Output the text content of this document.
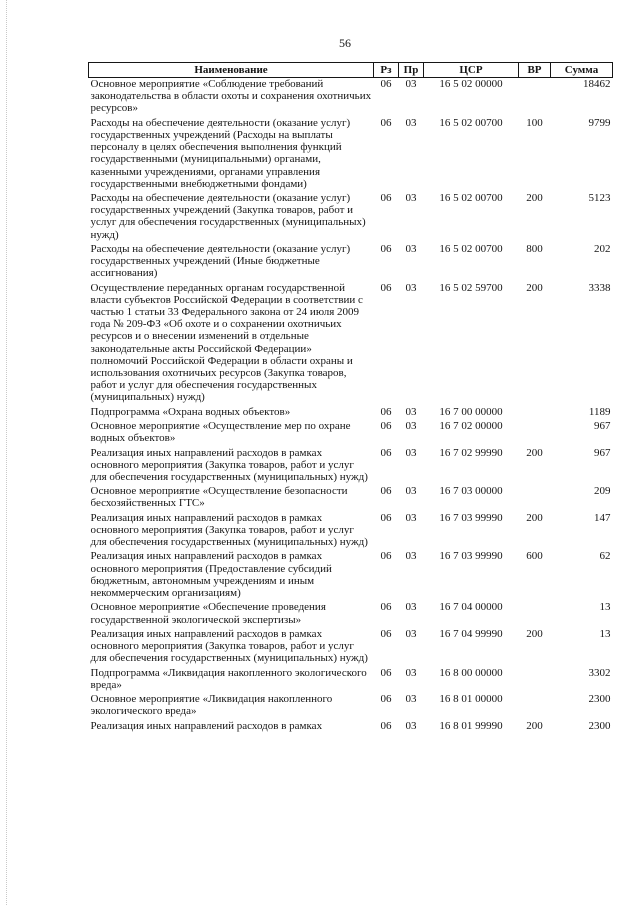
56
Наименование	Рз	Пр	ЦСР	ВР	Сумма
Основное мероприятие «Соблюдение требований законодательства в области охоты и сохранения охотничьих ресурсов»	06	03	16 5 02 00000		18462
Расходы на обеспечение деятельности (оказание услуг) государственных учреждений (Расходы на выплаты персоналу в целях обеспечения выполнения функций государственными (муниципальными) органами, казенными учреждениями, органами управления государственными внебюджетными фондами)	06	03	16 5 02 00700	100	9799
Расходы на обеспечение деятельности (оказание услуг) государственных учреждений (Закупка товаров, работ и услуг для обеспечения государственных (муниципальных) нужд)	06	03	16 5 02 00700	200	5123
Расходы на обеспечение деятельности (оказание услуг) государственных учреждений (Иные бюджетные ассигнования)	06	03	16 5 02 00700	800	202
Осуществление переданных органам государственной власти субъектов Российской Федерации в соответствии с частью 1 статьи 33 Федерального закона от 24 июля 2009 года № 209-ФЗ «Об охоте и о сохранении охотничьих ресурсов и о внесении изменений в отдельные законодательные акты Российской Федерации» полномочий Российской Федерации в области охраны и использования охотничьих ресурсов (Закупка товаров, работ и услуг для обеспечения государственных (муниципальных) нужд)	06	03	16 5 02 59700	200	3338
Подпрограмма «Охрана водных объектов»	06	03	16 7 00 00000		1189
Основное мероприятие «Осуществление мер по охране водных объектов»	06	03	16 7 02 00000		967
Реализация иных направлений расходов в рамках основного мероприятия (Закупка товаров, работ и услуг для обеспечения государственных (муниципальных) нужд)	06	03	16 7 02 99990	200	967
Основное мероприятие «Осуществление безопасности бесхозяйственных ГТС»	06	03	16 7 03 00000		209
Реализация иных направлений расходов в рамках основного мероприятия (Закупка товаров, работ и услуг для обеспечения государственных (муниципальных) нужд)	06	03	16 7 03 99990	200	147
Реализация иных направлений расходов в рамках основного мероприятия (Предоставление субсидий бюджетным, автономным учреждениям и иным некоммерческим организациям)	06	03	16 7 03 99990	600	62
Основное мероприятие «Обеспечение проведения государственной экологической экспертизы»	06	03	16 7 04 00000		13
Реализация иных направлений расходов в рамках основного мероприятия (Закупка товаров, работ и услуг для обеспечения государственных (муниципальных) нужд)	06	03	16 7 04 99990	200	13
Подпрограмма «Ликвидация накопленного экологического вреда»	06	03	16 8 00 00000		3302
Основное мероприятие «Ликвидация накопленного экологического вреда»	06	03	16 8 01 00000		2300
Реализация иных направлений расходов в рамках	06	03	16 8 01 99990	200	2300
